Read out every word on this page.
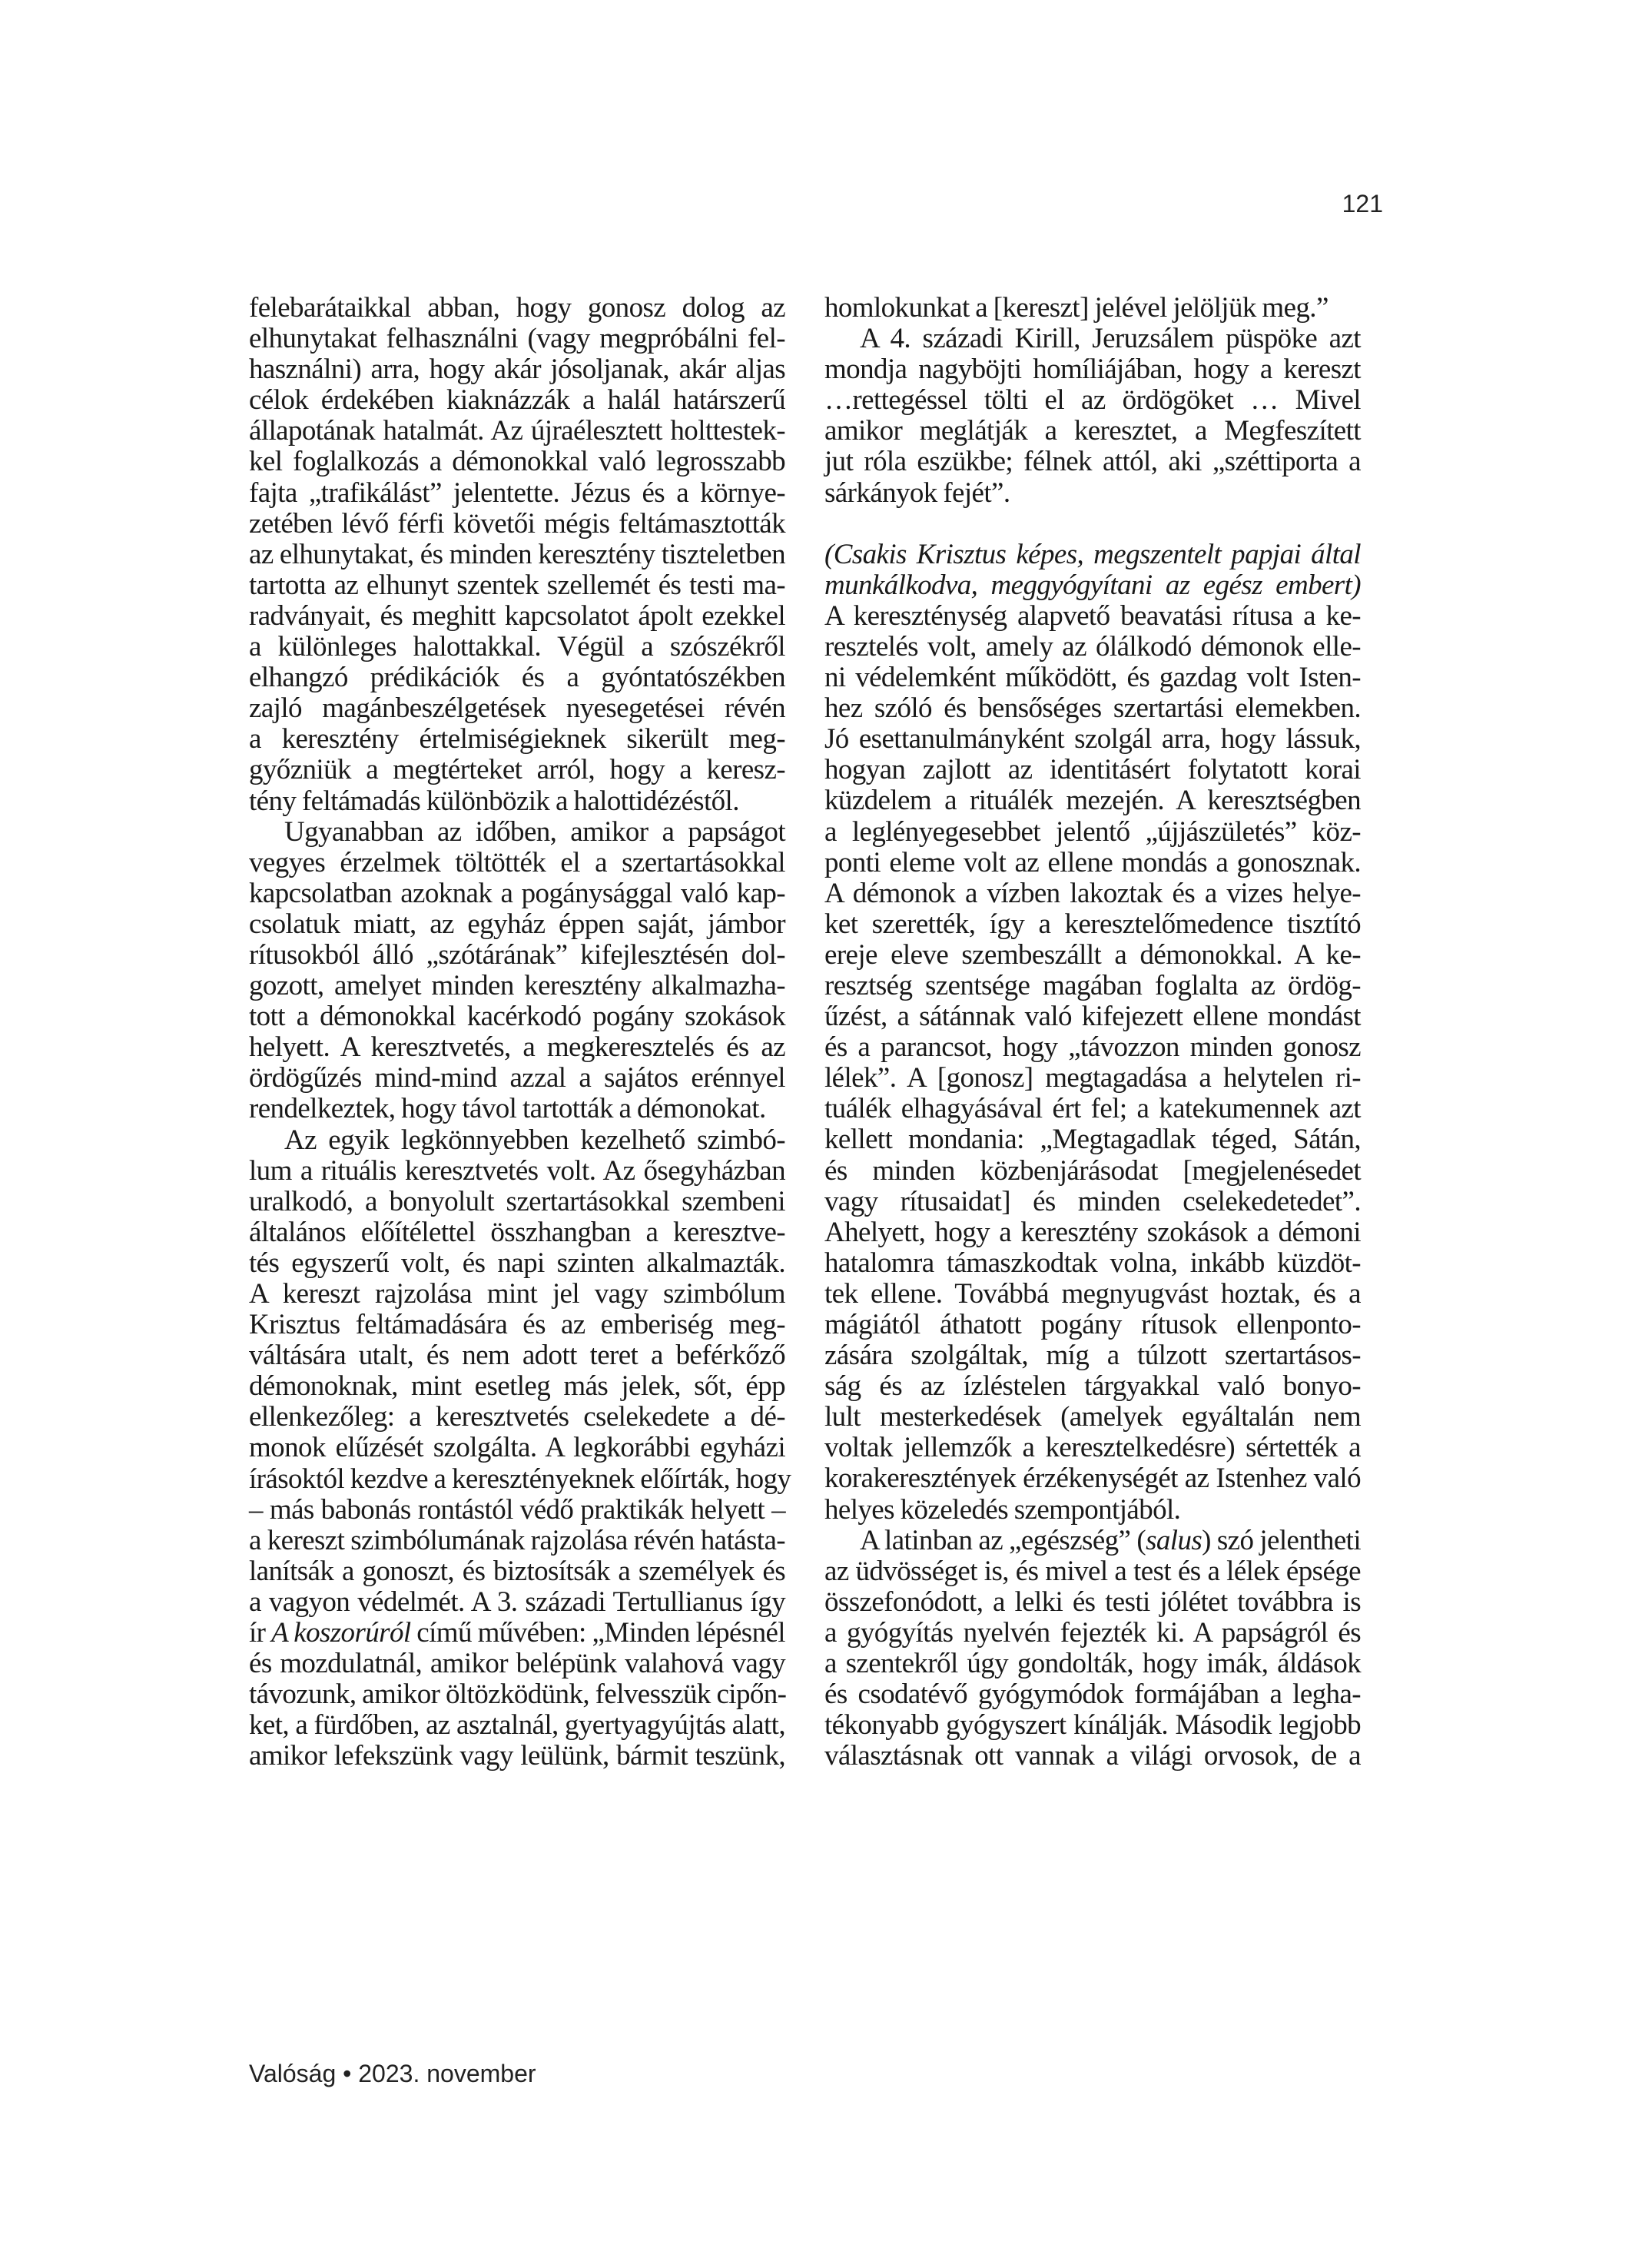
121
felebarátaikkal abban, hogy gonosz dolog az
elhunytakat felhasználni (vagy megpróbálni fel-
használni) arra, hogy akár jósoljanak, akár aljas
célok érdekében kiaknázzák a halál határszerű
állapotának hatalmát. Az újraélesztett holttestek-
kel foglalkozás a démonokkal való legrosszabb
fajta „trafikálást” jelentette. Jézus és a környe-
zetében lévő férfi követői mégis feltámasztották
az elhunytakat, és minden keresztény tiszteletben
tartotta az elhunyt szentek szellemét és testi ma-
radványait, és meghitt kapcsolatot ápolt ezekkel
a különleges halottakkal. Végül a szószékről
elhangzó prédikációk és a gyóntatószékben
zajló magánbeszélgetések nyesegetései révén
a keresztény értelmiségieknek sikerült meg-
győzniük a megtérteket arról, hogy a keresz-
tény feltámadás különbözik a halottidézéstől.
Ugyanabban az időben, amikor a papságot
vegyes érzelmek töltötték el a szertartásokkal
kapcsolatban azoknak a pogánysággal való kap-
csolatuk miatt, az egyház éppen saját, jámbor
rítusokból álló „szótárának” kifejlesztésén dol-
gozott, amelyet minden keresztény alkalmazha-
tott a démonokkal kacérkodó pogány szokások
helyett. A keresztvetés, a megkeresztelés és az
ördögűzés mind-mind azzal a sajátos erénnyel
rendelkeztek, hogy távol tartották a démonokat.
Az egyik legkönnyebben kezelhető szimbó-
lum a rituális keresztvetés volt. Az ősegyházban
uralkodó, a bonyolult szertartásokkal szembeni
általános előítélettel összhangban a keresztve-
tés egyszerű volt, és napi szinten alkalmazták.
A kereszt rajzolása mint jel vagy szimbólum
Krisztus feltámadására és az emberiség meg-
váltására utalt, és nem adott teret a beférkőző
démonoknak, mint esetleg más jelek, sőt, épp
ellenkezőleg: a keresztvetés cselekedete a dé-
monok elűzését szolgálta. A legkorábbi egyházi
írásoktól kezdve a keresztényeknek előírták, hogy
– más babonás rontástól védő praktikák helyett –
a kereszt szimbólumának rajzolása révén hatásta-
lanítsák a gonoszt, és biztosítsák a személyek és
a vagyon védelmét. A 3. századi Tertullianus így
ír A koszorúról című művében: „Minden lépésnél
és mozdulatnál, amikor belépünk valahová vagy
távozunk, amikor öltözködünk, felvesszük cipőn-
ket, a fürdőben, az asztalnál, gyertyagyújtás alatt,
amikor lefekszünk vagy leülünk, bármit teszünk,
homlokunkat a [kereszt] jelével jelöljük meg.”
A 4. századi Kirill, Jeruzsálem püspöke azt
mondja nagyböjti homíliájában, hogy a kereszt
…rettegéssel tölti el az ördögöket … Mivel
amikor meglátják a keresztet, a Megfeszített
jut róla eszükbe; félnek attól, aki „széttiporta a
sárkányok fejét”.
(Csakis Krisztus képes, megszentelt papjai által
munkálkodva, meggyógyítani az egész embert)
A kereszténység alapvető beavatási rítusa a ke-
resztelés volt, amely az ólálkodó démonok elle-
ni védelemként működött, és gazdag volt Isten-
hez szóló és bensőséges szertartási elemekben.
Jó esettanulmányként szolgál arra, hogy lássuk,
hogyan zajlott az identitásért folytatott korai
küzdelem a rituálék mezején. A keresztségben
a leglényegesebbet jelentő „újjászületés” köz-
ponti eleme volt az ellene mondás a gonosznak.
A démonok a vízben lakoztak és a vizes helye-
ket szerették, így a keresztelőmedence tisztító
ereje eleve szembeszállt a démonokkal. A ke-
resztség szentsége magában foglalta az ördög-
űzést, a sátánnak való kifejezett ellene mondást
és a parancsot, hogy „távozzon minden gonosz
lélek”. A [gonosz] megtagadása a helytelen ri-
tuálék elhagyásával ért fel; a katekumennek azt
kellett mondania: „Megtagadlak téged, Sátán,
és minden közbenjárásodat [megjelenésedet
vagy rítusaidat] és minden cselekedetedet”.
Ahelyett, hogy a keresztény szokások a démoni
hatalomra támaszkodtak volna, inkább küzdöt-
tek ellene. Továbbá megnyugvást hoztak, és a
mágiától áthatott pogány rítusok ellenponto-
zására szolgáltak, míg a túlzott szertartásos-
ság és az ízléstelen tárgyakkal való bonyo-
lult mesterkedések (amelyek egyáltalán nem
voltak jellemzők a keresztelkedésre) sértették a
korakeresztények érzékenységét az Istenhez való
helyes közeledés szempontjából.
A latinban az „egészség” (salus) szó jelentheti
az üdvösséget is, és mivel a test és a lélek épsége
összefonódott, a lelki és testi jólétet továbbra is
a gyógyítás nyelvén fejezték ki. A papságról és
a szentekről úgy gondolták, hogy imák, áldások
és csodatévő gyógymódok formájában a legha-
tékonyabb gyógyszert kínálják. Második legjobb
választásnak ott vannak a világi orvosok, de a
Valóság • 2023. november
